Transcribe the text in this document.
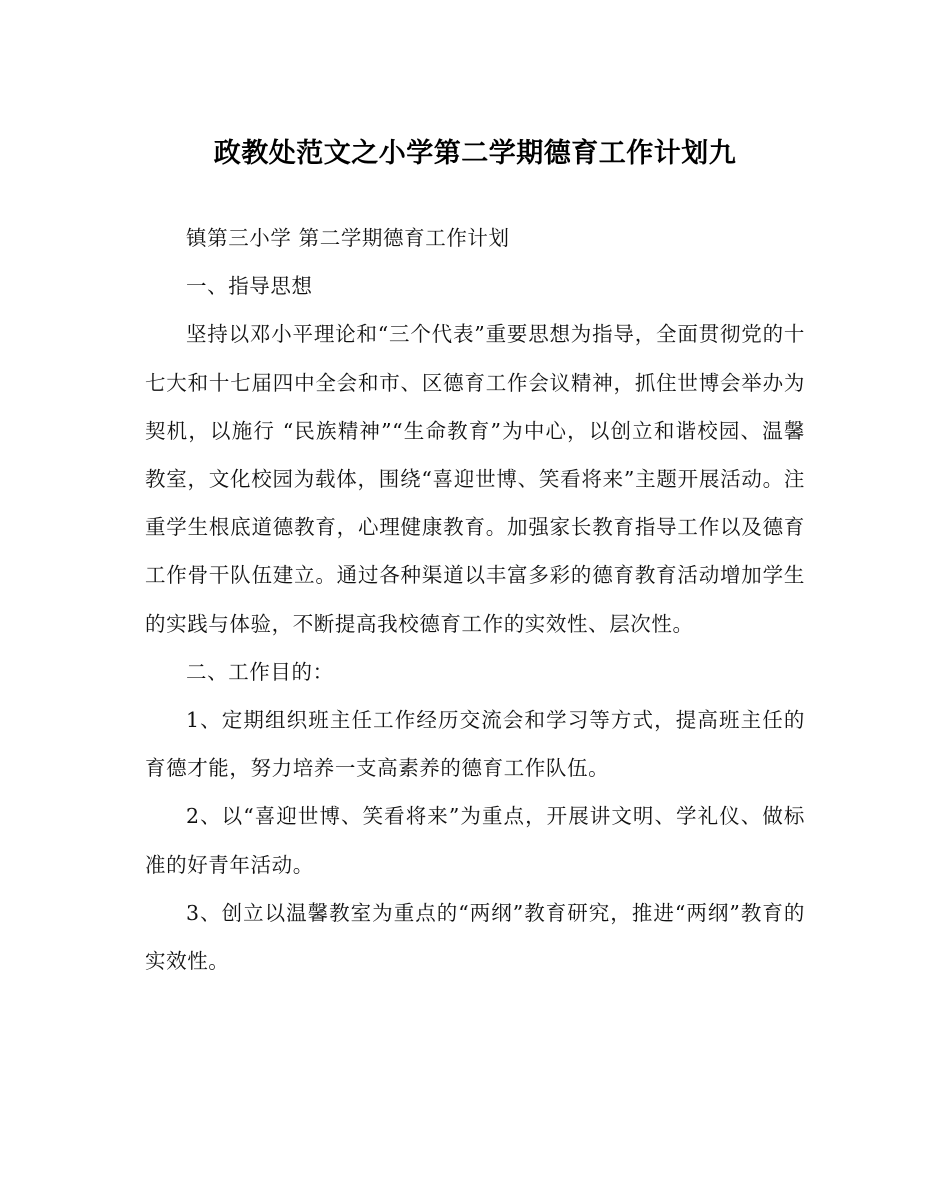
政教处范文之小学第二学期德育工作计划九

镇第三小学 第二学期德育工作计划

一、指导思想

坚持以邓小平理论和“三个代表”重要思想为指导，全面贯彻党的十七大和十七届四中全会和市、区德育工作会议精神，抓住世博会举办为契机，以施行 “民族精神”“生命教育”为中心，以创立和谐校园、温馨教室，文化校园为载体，围绕“喜迎世博、笑看将来”主题开展活动。注重学生根底道德教育，心理健康教育。加强家长教育指导工作以及德育工作骨干队伍建立。通过各种渠道以丰富多彩的德育教育活动增加学生的实践与体验，不断提高我校德育工作的实效性、层次性。

二、工作目的：

1、定期组织班主任工作经历交流会和学习等方式，提高班主任的育德才能，努力培养一支高素养的德育工作队伍。

2、以“喜迎世博、笑看将来”为重点，开展讲文明、学礼仪、做标准的好青年活动。

3、创立以温馨教室为重点的“两纲”教育研究，推进“两纲”教育的实效性。
